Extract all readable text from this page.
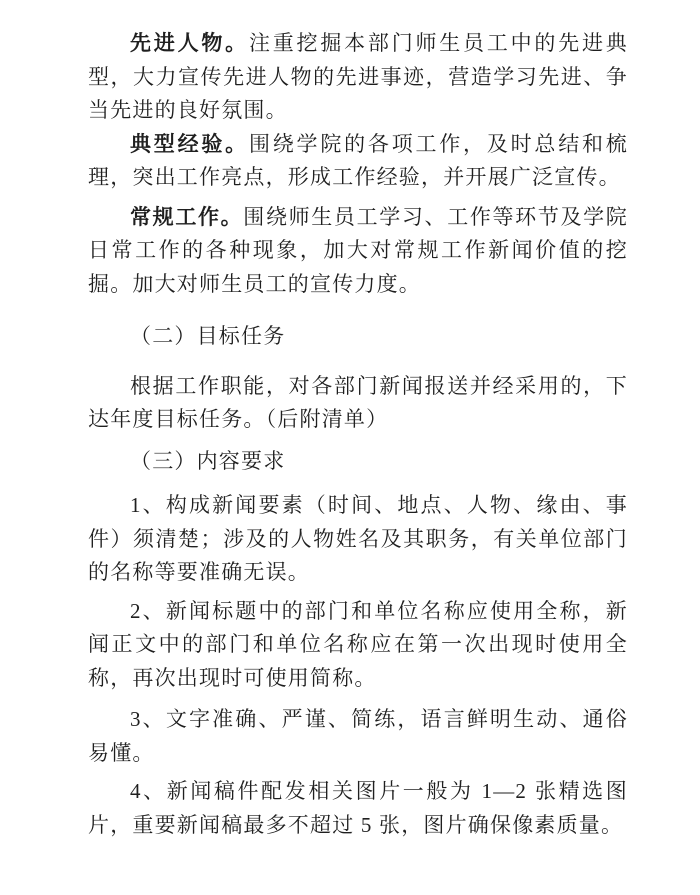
先进人物。注重挖掘本部门师生员工中的先进典型，大力宣传先进人物的先进事迹，营造学习先进、争当先进的良好氛围。

典型经验。围绕学院的各项工作，及时总结和梳理，突出工作亮点，形成工作经验，并开展广泛宣传。

常规工作。围绕师生员工学习、工作等环节及学院日常工作的各种现象，加大对常规工作新闻价值的挖掘。加大对师生员工的宣传力度。

（二）目标任务

根据工作职能，对各部门新闻报送并经采用的，下达年度目标任务。（后附清单）

（三）内容要求

1、构成新闻要素（时间、地点、人物、缘由、事件）须清楚；涉及的人物姓名及其职务，有关单位部门的名称等要准确无误。

2、新闻标题中的部门和单位名称应使用全称，新闻正文中的部门和单位名称应在第一次出现时使用全称，再次出现时可使用简称。

3、文字准确、严谨、简练，语言鲜明生动、通俗易懂。

4、新闻稿件配发相关图片一般为 1—2 张精选图片，重要新闻稿最多不超过 5 张，图片确保像素质量。
